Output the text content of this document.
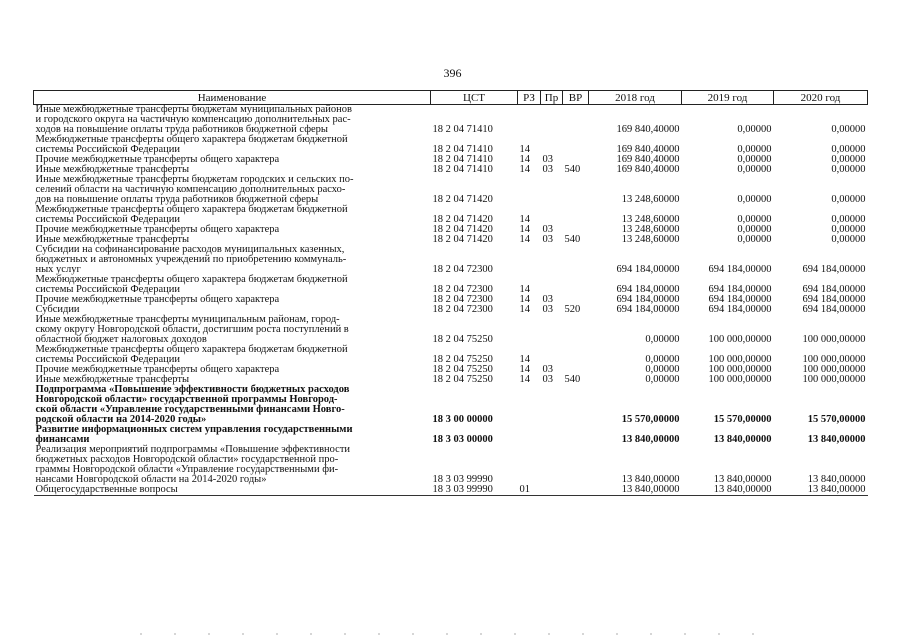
396
Наименование	ЦСТ	РЗ	Пр	ВР	2018 год	2019 год	2020 год
Иные межбюджетные трансферты бюджетам муниципальных районов
и городского округа на частичную компенсацию дополнительных рас-
ходов на повышение оплаты труда работников бюджетной сферы	18 2 04 71410				169 840,40000	0,00000	0,00000
Межбюджетные трансферты общего характера бюджетам бюджетной
системы Российской Федерации	18 2 04 71410	14			169 840,40000	0,00000	0,00000
Прочие межбюджетные трансферты общего характера	18 2 04 71410	14	03		169 840,40000	0,00000	0,00000
Иные межбюджетные трансферты	18 2 04 71410	14	03	540	169 840,40000	0,00000	0,00000
Иные межбюджетные трансферты бюджетам городских и сельских по-
селений области на частичную компенсацию дополнительных расхо-
дов на повышение оплаты труда работников бюджетной сферы	18 2 04 71420				13 248,60000	0,00000	0,00000
Межбюджетные трансферты общего характера бюджетам бюджетной
системы Российской Федерации	18 2 04 71420	14			13 248,60000	0,00000	0,00000
Прочие межбюджетные трансферты общего характера	18 2 04 71420	14	03		13 248,60000	0,00000	0,00000
Иные межбюджетные трансферты	18 2 04 71420	14	03	540	13 248,60000	0,00000	0,00000
Субсидии на софинансирование расходов муниципальных казенных,
бюджетных и автономных учреждений по приобретению коммуналь-
ных услуг	18 2 04 72300				694 184,00000	694 184,00000	694 184,00000
Межбюджетные трансферты общего характера бюджетам бюджетной
системы Российской Федерации	18 2 04 72300	14			694 184,00000	694 184,00000	694 184,00000
Прочие межбюджетные трансферты общего характера	18 2 04 72300	14	03		694 184,00000	694 184,00000	694 184,00000
Субсидии	18 2 04 72300	14	03	520	694 184,00000	694 184,00000	694 184,00000
Иные межбюджетные трансферты муниципальным районам, город-
скому округу Новгородской области, достигшим роста поступлений в
областной бюджет налоговых доходов	18 2 04 75250				0,00000	100 000,00000	100 000,00000
Межбюджетные трансферты общего характера бюджетам бюджетной
системы Российской Федерации	18 2 04 75250	14			0,00000	100 000,00000	100 000,00000
Прочие межбюджетные трансферты общего характера	18 2 04 75250	14	03		0,00000	100 000,00000	100 000,00000
Иные межбюджетные трансферты	18 2 04 75250	14	03	540	0,00000	100 000,00000	100 000,00000
Подпрограмма «Повышение эффективности бюджетных расходов
Новгородской области» государственной программы Новгород-
ской области «Управление государственными финансами Новго-
родской области на 2014-2020 годы»	18 3 00 00000				15 570,00000	15 570,00000	15 570,00000
Развитие информационных систем управления государственными
финансами	18 3 03 00000				13 840,00000	13 840,00000	13 840,00000
Реализация мероприятий подпрограммы «Повышение эффективности
бюджетных расходов Новгородской области» государственной про-
граммы Новгородской области «Управление государственными фи-
нансами Новгородской области на 2014-2020 годы»	18 3 03 99990				13 840,00000	13 840,00000	13 840,00000
Общегосударственные вопросы	18 3 03 99990	01			13 840,00000	13 840,00000	13 840,00000
